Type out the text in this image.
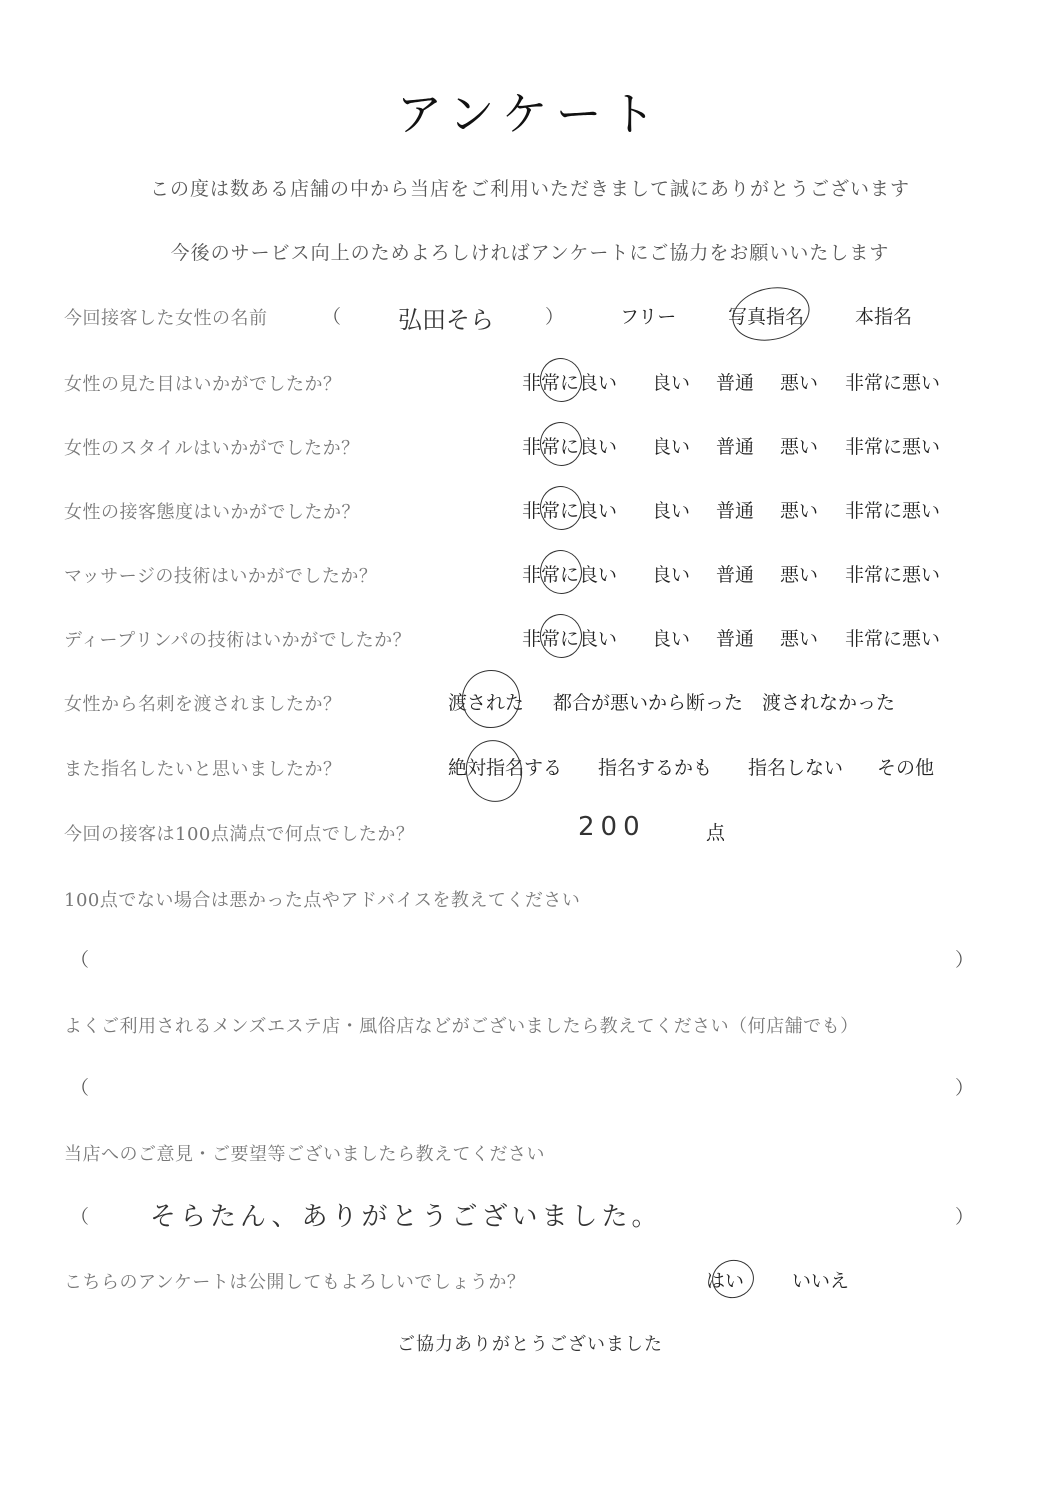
アンケート
この度は数ある店舗の中から当店をご利用いただきまして誠にありがとうございます
今後のサービス向上のためよろしければアンケートにご協力をお願いいたします
今回接客した女性の名前	（ 弘田そら	）	フリー	写真指名	本指名
女性の見た目はいかがでしたか？	非常に良い 良い 普通 悪い 非常に悪い
女性のスタイルはいかがでしたか？	非常に良い 良い 普通 悪い 非常に悪い
女性の接客態度はいかがでしたか？	非常に良い 良い 普通 悪い 非常に悪い
マッサージの技術はいかがでしたか？	非常に良い 良い 普通 悪い 非常に悪い
ディープリンパの技術はいかがでしたか？	非常に良い 良い 普通 悪い 非常に悪い
女性から名刺を渡されましたか？	渡された 都合が悪いから断った 渡されなかった
また指名したいと思いましたか？	絶対指名する 指名するかも 指名しない その他
今回の接客は100点満点で何点でしたか？	200	点
100点でない場合は悪かった点やアドバイスを教えてください
（	）
よくご利用されるメンズエステ店・風俗店などがございましたら教えてください（何店舗でも）
（	）
当店へのご意見・ご要望等ございましたら教えてください
（ そらたん、ありがとうございました。	）
こちらのアンケートは公開してもよろしいでしょうか？	はい	いいえ
ご協力ありがとうございました
